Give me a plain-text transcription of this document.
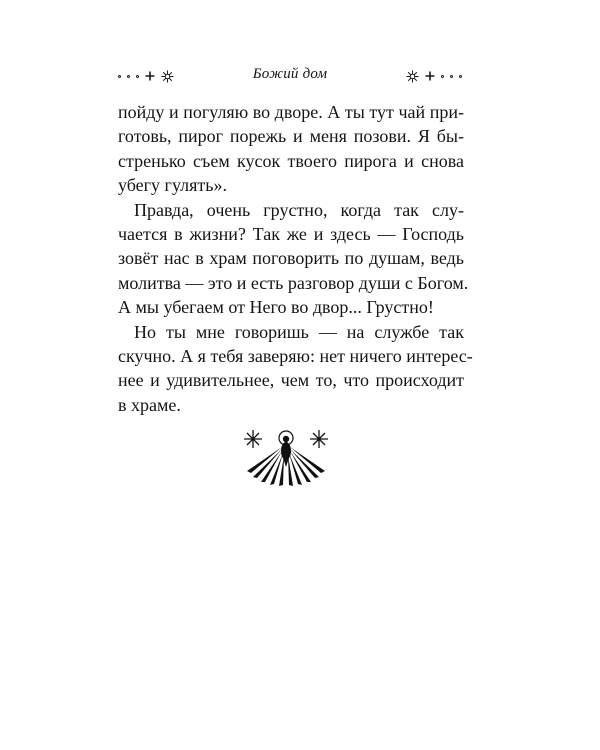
Божий дом
пойду и погуляю во дворе. А ты тут чай при-
готовь, пирог порежь и меня позови. Я бы-
стренько съем кусок твоего пирога и снова
убегу гулять».
Правда, очень грустно, когда так слу-
чается в жизни? Так же и здесь — Господь
зовёт нас в храм поговорить по душам, ведь
молитва — это и есть разговор души с Богом.
А мы убегаем от Него во двор... Грустно!
Но ты мне говоришь — на службе так
скучно. А я тебя заверяю: нет ничего интерес-
нее и удивительнее, чем то, что происходит
в храме.
